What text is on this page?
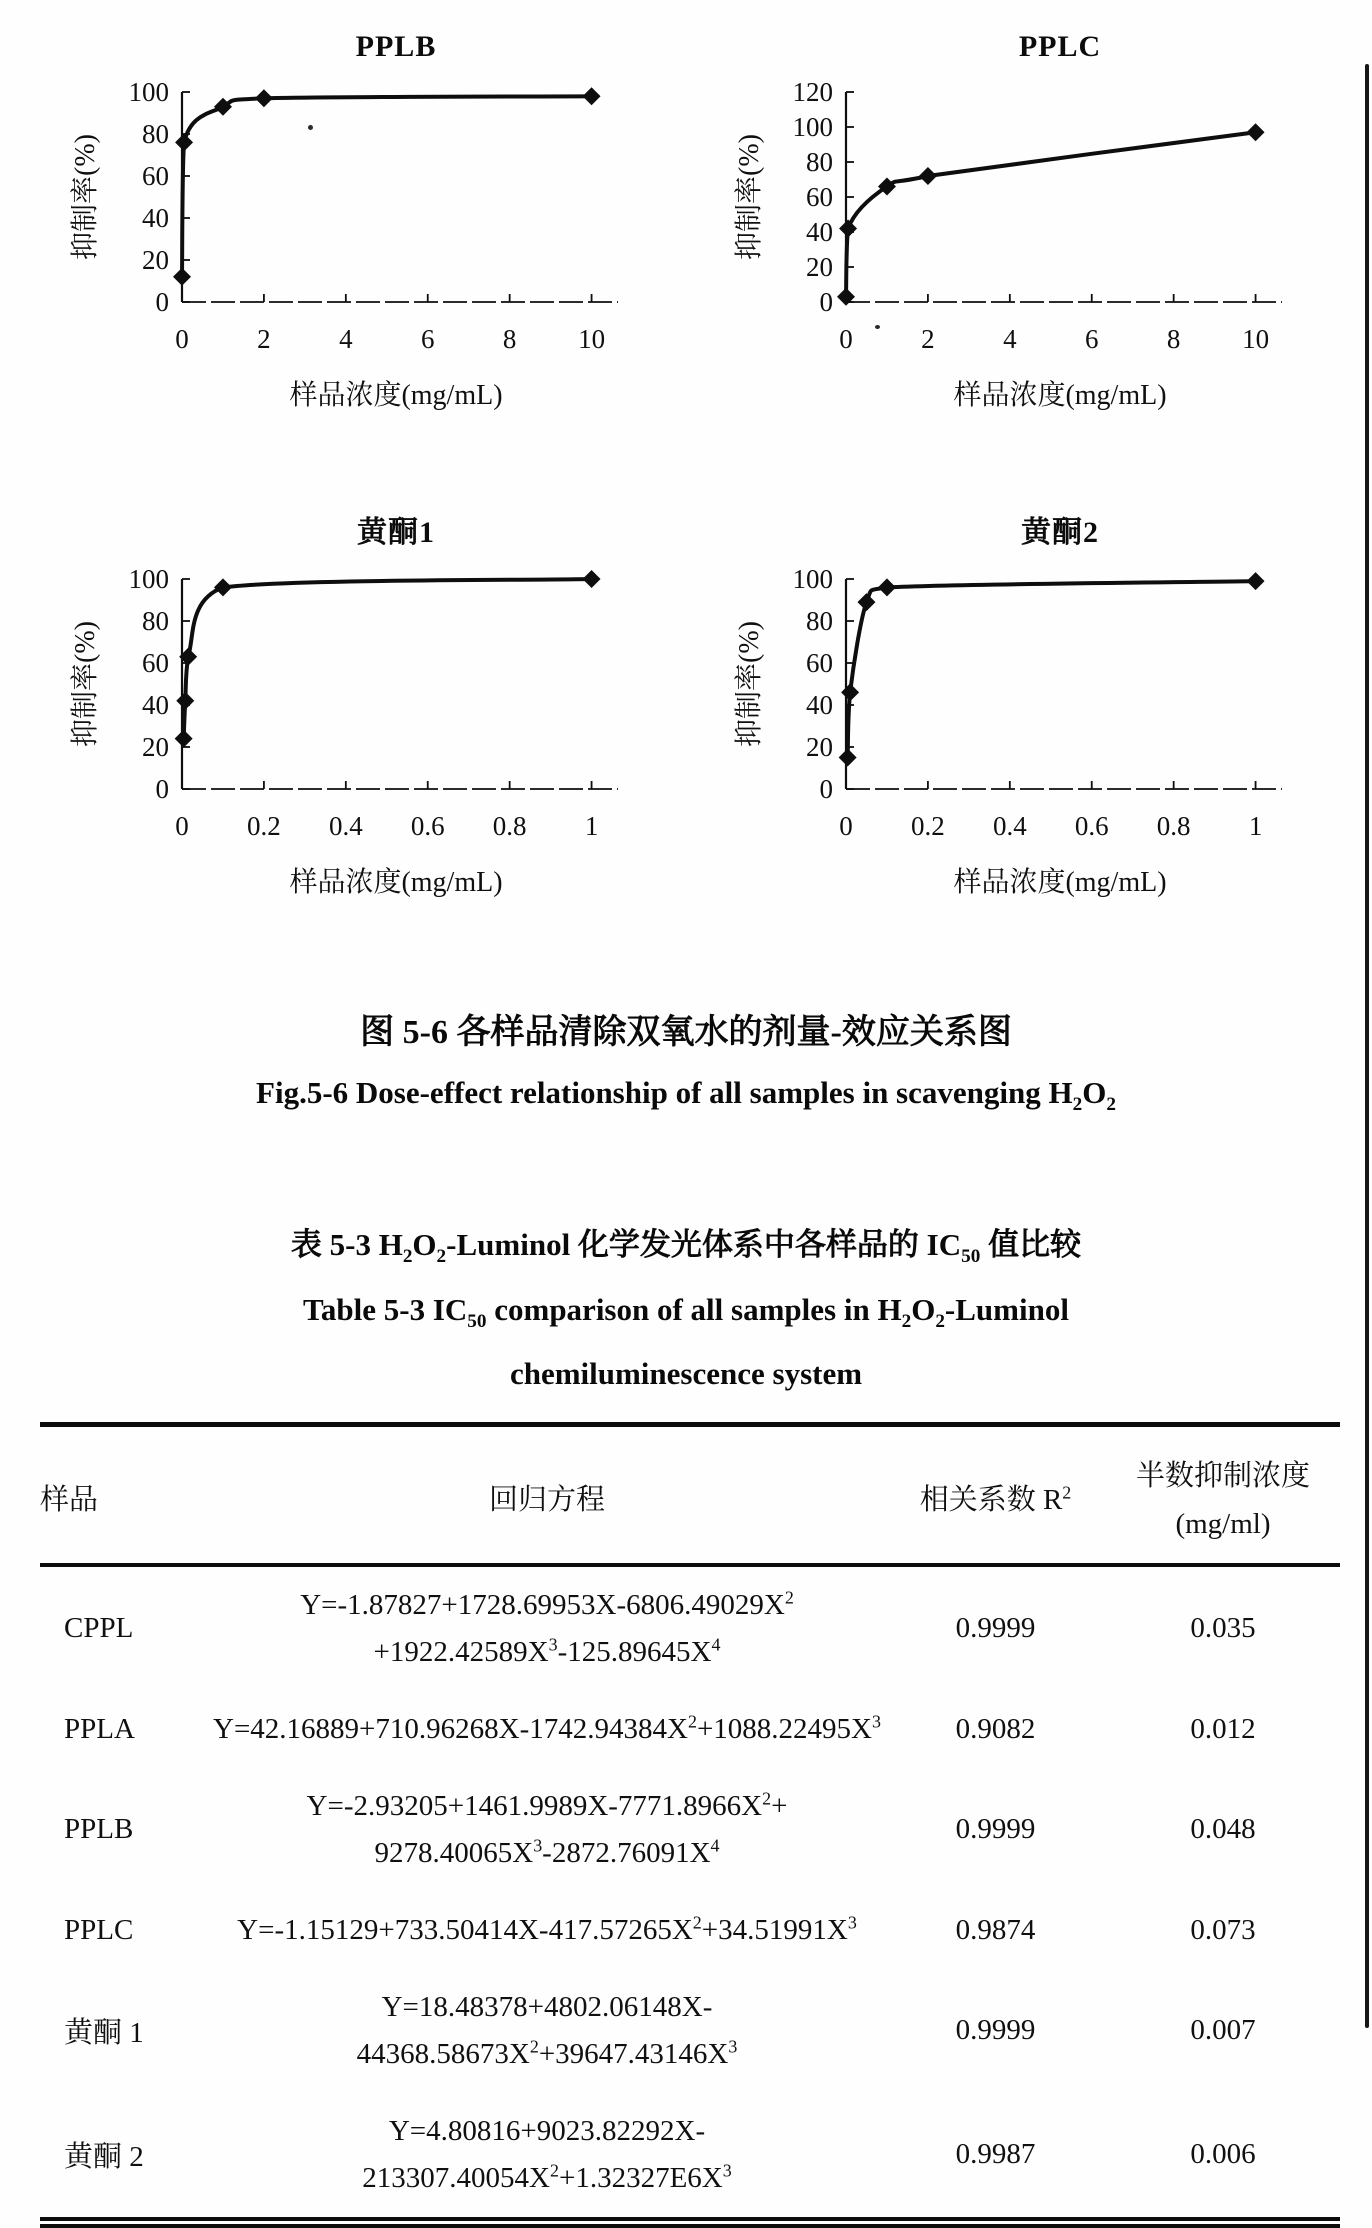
PPLB
0
20
40
60
80
100
0	2	4	6	8 10
抑制率(%)
样品浓度(mg/mL)
PPLC
0
20
40
60
80
100
120
0	2	4	6	8 10
抑制率(%)
样品浓度(mg/mL)
黄酮1
0
20
40
60
80
100
0 0.2 0.4 0.6 0.8 1
抑制率(%)
样品浓度(mg/mL)
黄酮2
0
20
40
60
80
100
0 0.2 0.4 0.6 0.8 1
抑制率(%)
样品浓度(mg/mL)
图 5-6 各样品清除双氧水的剂量-效应关系图
Fig.5-6 Dose-effect relationship of all samples in scavenging $H_2O_2$
表 5-3 $H_2O_2$-Luminol 化学发光体系中各样品的 $IC_{50}$ 值比较
Table 5-3 $IC_{50}$ comparison of all samples in $H_2O_2$-Luminol
chemiluminescence system
样品	回归方程	相关系数 $R^2$	半数抑制浓度
(mg/ml)

CPPL	$Y=-1.87827+1728.69953X-6806.49029X^2$
$+1922.42589X^3-125.89645X^4$	0.9999	0.035
PPLA	$Y=42.16889+710.96268X-1742.94384X^2+1088.22495X^3$	0.9082	0.012
PPLB	$Y=-2.93205+1461.9989X-7771.8966X^2+$
$9278.40065X^3-2872.76091X^4$	0.9999	0.048
PPLC	$Y=-1.15129+733.50414X-417.57265X^2+34.51991X^3$	0.9874	0.073
黄酮 1	$Y=18.48378+4802.06148X-44368.58673X^2+39647.43146X^3$	0.9999	0.007
黄酮 2	$Y=4.80816+9023.82292X-213307.40054X^2+1.32327E6X^3$	0.9987	0.006
